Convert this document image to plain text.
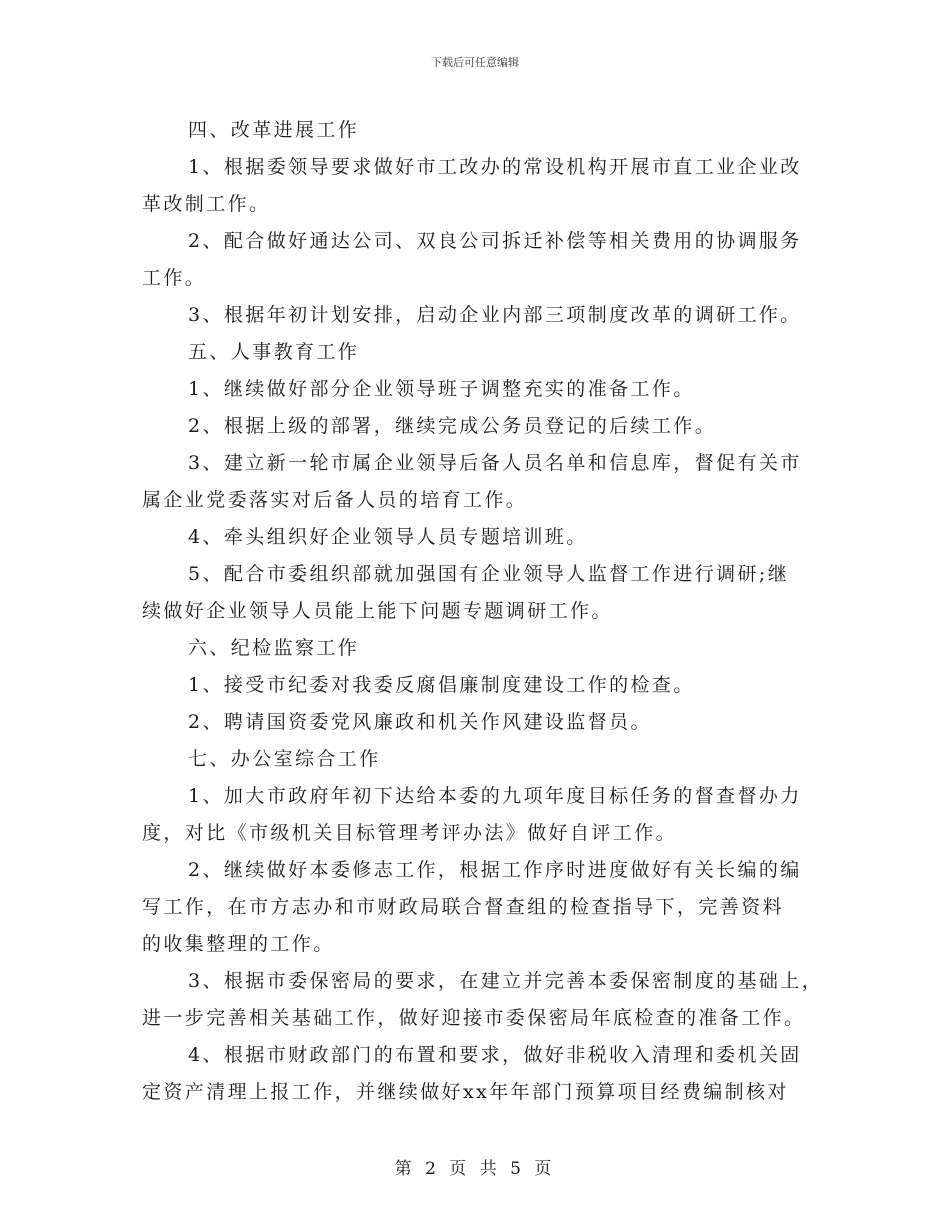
下载后可任意编辑
四、改革进展工作
1、根据委领导要求做好市工改办的常设机构开展市直工业企业改
革改制工作。
2、配合做好通达公司、双良公司拆迁补偿等相关费用的协调服务
工作。
3、根据年初计划安排，启动企业内部三项制度改革的调研工作。
五、人事教育工作
1、继续做好部分企业领导班子调整充实的准备工作。
2、根据上级的部署，继续完成公务员登记的后续工作。
3、建立新一轮市属企业领导后备人员名单和信息库，督促有关市
属企业党委落实对后备人员的培育工作。
4、牵头组织好企业领导人员专题培训班。
5、配合市委组织部就加强国有企业领导人监督工作进行调研;继
续做好企业领导人员能上能下问题专题调研工作。
六、纪检监察工作
1、接受市纪委对我委反腐倡廉制度建设工作的检查。
2、聘请国资委党风廉政和机关作风建设监督员。
七、办公室综合工作
1、加大市政府年初下达给本委的九项年度目标任务的督查督办力
度，对比《市级机关目标管理考评办法》做好自评工作。
2、继续做好本委修志工作，根据工作序时进度做好有关长编的编
写工作，在市方志办和市财政局联合督查组的检查指导下，完善资料
的收集整理的工作。
3、根据市委保密局的要求，在建立并完善本委保密制度的基础上，
进一步完善相关基础工作，做好迎接市委保密局年底检查的准备工作。
4、根据市财政部门的布置和要求，做好非税收入清理和委机关固
定资产清理上报工作，并继续做好xx年年部门预算项目经费编制核对
第 2 页 共 5 页
